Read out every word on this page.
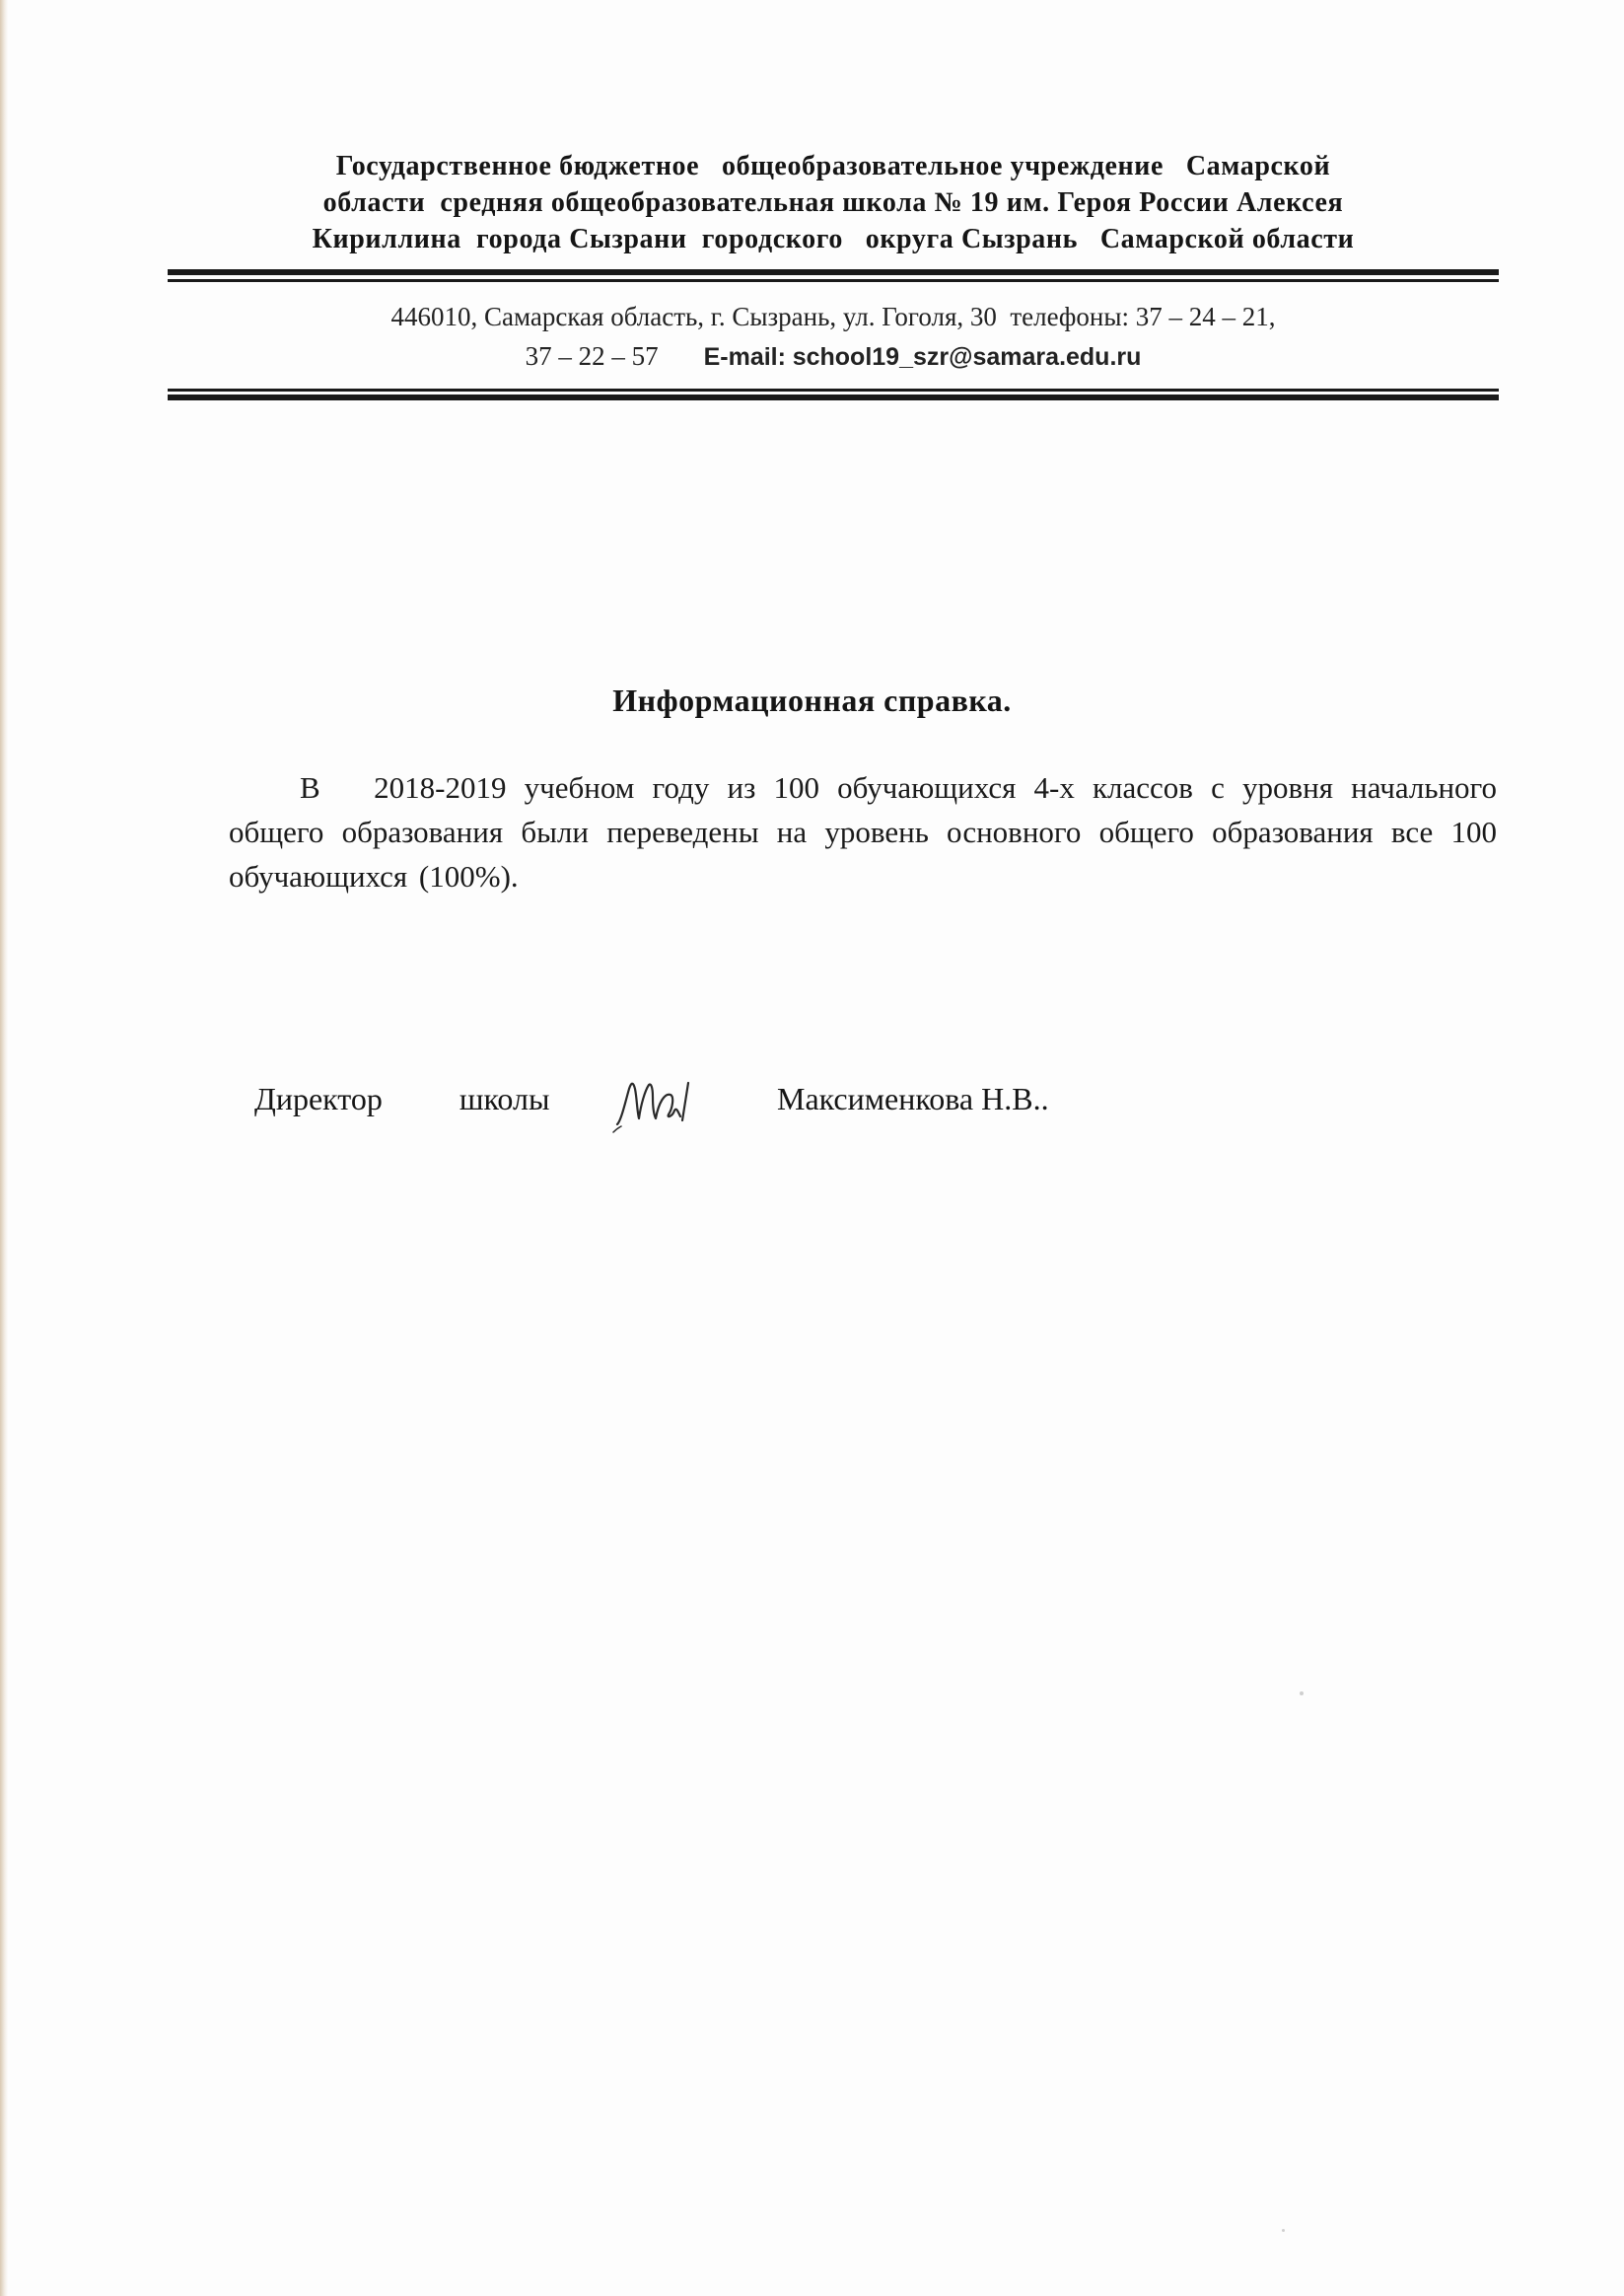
Государственное бюджетное   общеобразовательное учреждение   Самарской
области  средняя общеобразовательная школа № 19 им. Героя России Алексея
Кириллина  города Сызрани  городского   округа Сызрань   Самарской области
446010, Самарская область, г. Сызрань, ул. Гоголя, 30  телефоны: 37 – 24 – 21,
37 – 22 – 57 E-mail: school19_szr@samara.edu.ru
Информационная справка.
В   2018-2019 учебном году из 100 обучающихся 4-х классов с уровня начального общего образования были переведены на уровень основного общего образования все 100 обучающихся (100%).
Директор   школы	Максименкова Н.В..
